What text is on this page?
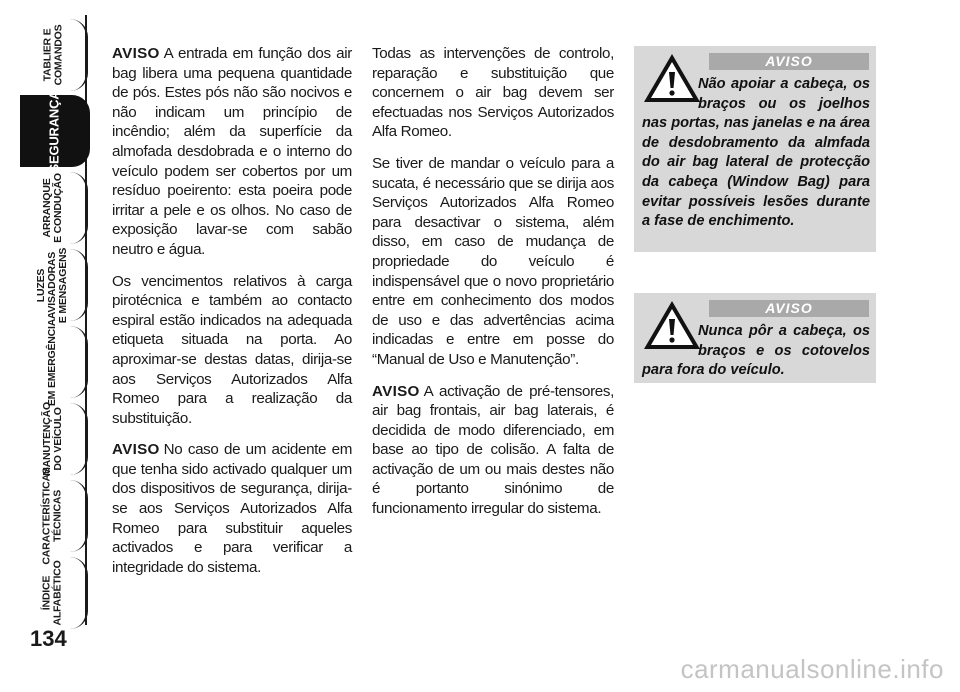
TABLIER E
COMANDOS
SEGURANÇA
ARRANQUE
E CONDUÇÃO
LUZES
AVISADORAS
E MENSAGENS
EM EMERGÊNCIA
MANUTENÇÃO
DO VEÍCULO
CARACTERÍSTICAS
TÉCNICAS
ÍNDICE
ALFABÉTICO
134

AVISO A entrada em função dos air bag libera uma pequena quantidade de pós. Estes pós não são nocivos e não indicam um princípio de incêndio; além da superfície da almofada desdobrada e o interno do veículo podem ser cobertos por um resíduo poeirento: esta poeira pode irritar a pele e os olhos. No caso de exposição lavar-se com sabão neutro e água.

Os vencimentos relativos à carga pirotécnica e também ao contacto espiral estão indicados na adequada etiqueta situada na porta. Ao aproximar-se destas datas, dirija-se aos Serviços Autorizados Alfa Romeo para a realização da substituição.

AVISO No caso de um acidente em que tenha sido activado qualquer um dos dispositivos de segurança, dirija-se aos Serviços Autorizados Alfa Romeo para substituir aqueles activados e para verificar a integridade do sistema.

Todas as intervenções de controlo, reparação e substituição que concernem o air bag devem ser efectuadas nos Serviços Autorizados Alfa Romeo.

Se tiver de mandar o veículo para a sucata, é necessário que se dirija aos Serviços Autorizados Alfa Romeo para desactivar o sistema, além disso, em caso de mudança de propriedade do veículo é indispensável que o novo proprietário entre em conhecimento dos modos de uso e das advertências acima indicadas e entre em posse do “Manual de Uso e Manutenção”.

AVISO A activação de pré-tensores, air bag frontais, air bag laterais, é decidida de modo diferenciado, em base ao tipo de colisão. A falta de activação de um ou mais destes não é portanto sinónimo de funcionamento irregular do sistema.

AVISO
Não apoiar a cabeça, os braços ou os joelhos nas portas, nas janelas e na área de desdobramento da almfada do air bag lateral de protecção da cabeça (Window Bag) para evitar possíveis lesões durante a fase de enchimento.
AVISO
Nunca pôr a cabeça, os braços e os cotovelos para fora do veículo.
carmanualsonline.info
